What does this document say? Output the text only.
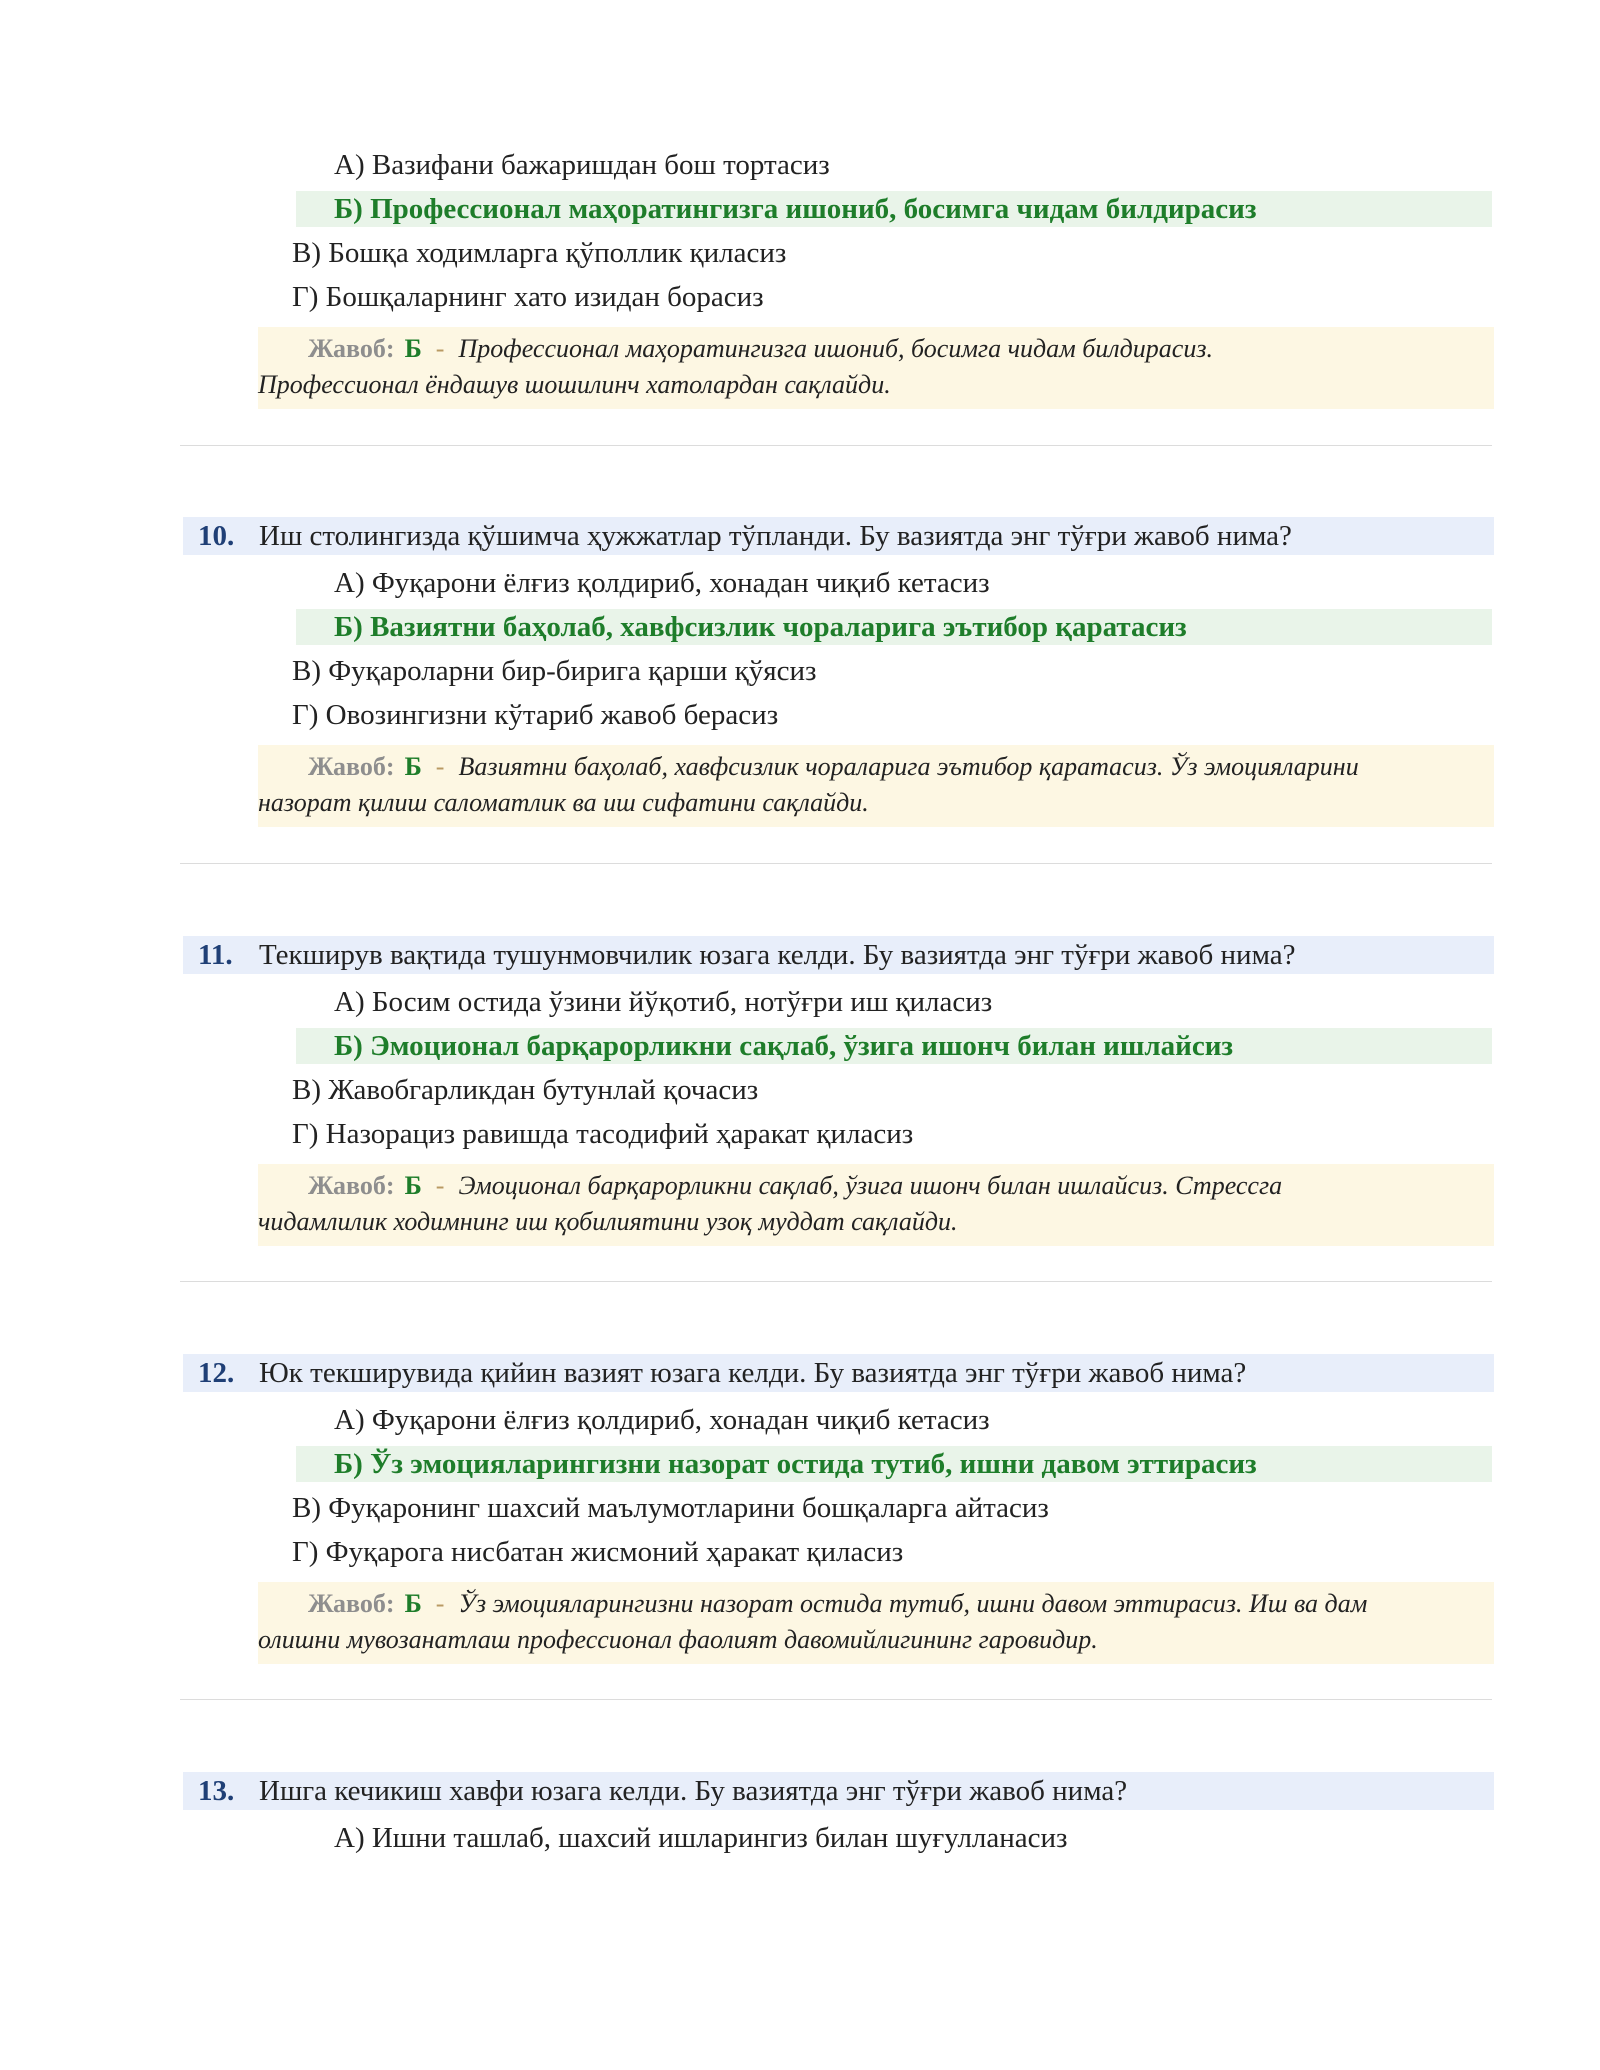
А) Вазифани бажаришдан бош тортасиз
Б) Профессионал маҳоратингизга ишониб, босимга чидам билдирасиз
В) Бошқа ходимларга қўполлик қиласиз
Г) Бошқаларнинг хато изидан борасиз
Жавоб: Б - Профессионал маҳоратингизга ишониб, босимга чидам билдирасиз.
Профессионал ёндашув шошилинч хатолардан сақлайди.
10. Иш столингизда қўшимча ҳужжатлар тўпланди. Бу вазиятда энг тўғри жавоб нима?
А) Фуқарони ёлғиз қолдириб, хонадан чиқиб кетасиз
Б) Вазиятни баҳолаб, хавфсизлик чораларига эътибор қаратасиз
В) Фуқароларни бир-бирига қарши қўясиз
Г) Овозингизни кўтариб жавоб берасиз
Жавоб: Б - Вазиятни баҳолаб, хавфсизлик чораларига эътибор қаратасиз. Ўз эмоцияларини
назорат қилиш саломатлик ва иш сифатини сақлайди.
11. Текширув вақтида тушунмовчилик юзага келди. Бу вазиятда энг тўғри жавоб нима?
А) Босим остида ўзини йўқотиб, нотўғри иш қиласиз
Б) Эмоционал барқарорликни сақлаб, ўзига ишонч билан ишлайсиз
В) Жавобгарликдан бутунлай қочасиз
Г) Назорациз равишда тасодифий ҳаракат қиласиз
Жавоб: Б - Эмоционал барқарорликни сақлаб, ўзига ишонч билан ишлайсиз. Стрессга
чидамлилик ходимнинг иш қобилиятини узоқ муддат сақлайди.
12. Юк текширувида қийин вазият юзага келди. Бу вазиятда энг тўғри жавоб нима?
А) Фуқарони ёлғиз қолдириб, хонадан чиқиб кетасиз
Б) Ўз эмоцияларингизни назорат остида тутиб, ишни давом эттирасиз
В) Фуқаронинг шахсий маълумотларини бошқаларга айтасиз
Г) Фуқарога нисбатан жисмоний ҳаракат қиласиз
Жавоб: Б - Ўз эмоцияларингизни назорат остида тутиб, ишни давом эттирасиз. Иш ва дам
олишни мувозанатлаш профессионал фаолият давомийлигининг гаровидир.
13. Ишга кечикиш хавфи юзага келди. Бу вазиятда энг тўғри жавоб нима?
А) Ишни ташлаб, шахсий ишларингиз билан шуғулланасиз
